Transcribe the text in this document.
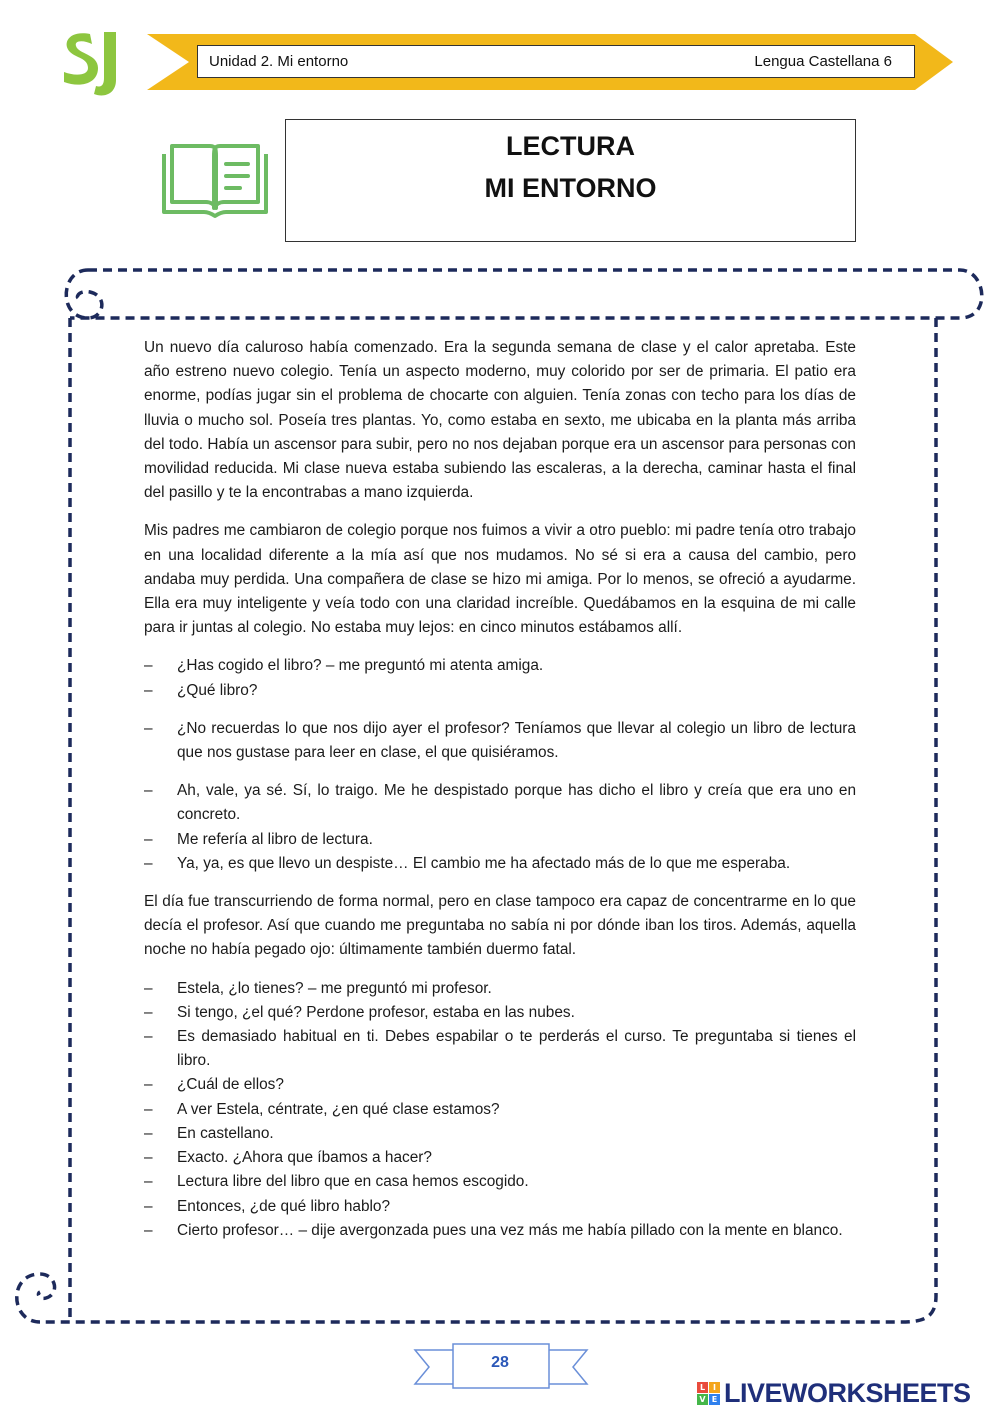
Unidad 2. Mi entorno	Lengua Castellana 6
LECTURA
MI ENTORNO

Un nuevo día caluroso había comenzado. Era la segunda semana de clase y el calor apretaba. Este año estreno nuevo colegio. Tenía un aspecto moderno, muy colorido por ser de primaria. El patio era enorme, podías jugar sin el problema de chocarte con alguien. Tenía zonas con techo para los días de lluvia o mucho sol. Poseía tres plantas. Yo, como estaba en sexto, me ubicaba en la planta más arriba del todo. Había un ascensor para subir, pero no nos dejaban porque era un ascensor para personas con movilidad reducida. Mi clase nueva estaba subiendo las escaleras, a la derecha, caminar hasta el final del pasillo y te la encontrabas a mano izquierda.

Mis padres me cambiaron de colegio porque nos fuimos a vivir a otro pueblo: mi padre tenía otro trabajo en una localidad diferente a la mía así que nos mudamos. No sé si era a causa del cambio, pero andaba muy perdida. Una compañera de clase se hizo mi amiga. Por lo menos, se ofreció a ayudarme. Ella era muy inteligente y veía todo con una claridad increíble. Quedábamos en la esquina de mi calle para ir juntas al colegio. No estaba muy lejos: en cinco minutos estábamos allí.

– ¿Has cogido el libro? – me preguntó mi atenta amiga.
– ¿Qué libro?
– ¿No recuerdas lo que nos dijo ayer el profesor? Teníamos que llevar al colegio un libro de lectura que nos gustase para leer en clase, el que quisiéramos.
– Ah, vale, ya sé. Sí, lo traigo. Me he despistado porque has dicho el libro y creía que era uno en concreto.
– Me refería al libro de lectura.
– Ya, ya, es que llevo un despiste… El cambio me ha afectado más de lo que me esperaba.

El día fue transcurriendo de forma normal, pero en clase tampoco era capaz de concentrarme en lo que decía el profesor. Así que cuando me preguntaba no sabía ni por dónde iban los tiros. Además, aquella noche no había pegado ojo: últimamente también duermo fatal.

– Estela, ¿lo tienes? – me preguntó mi profesor.
– Si tengo, ¿el qué? Perdone profesor, estaba en las nubes.
– Es demasiado habitual en ti. Debes espabilar o te perderás el curso. Te preguntaba si tienes el libro.
– ¿Cuál de ellos?
– A ver Estela, céntrate, ¿en qué clase estamos?
– En castellano.
– Exacto. ¿Ahora que íbamos a hacer?
– Lectura libre del libro que en casa hemos escogido.
– Entonces, ¿de qué libro hablo?
– Cierto profesor… – dije avergonzada pues una vez más me había pillado con la mente en blanco.
28
L I
V E LIVEWORKSHEETS
